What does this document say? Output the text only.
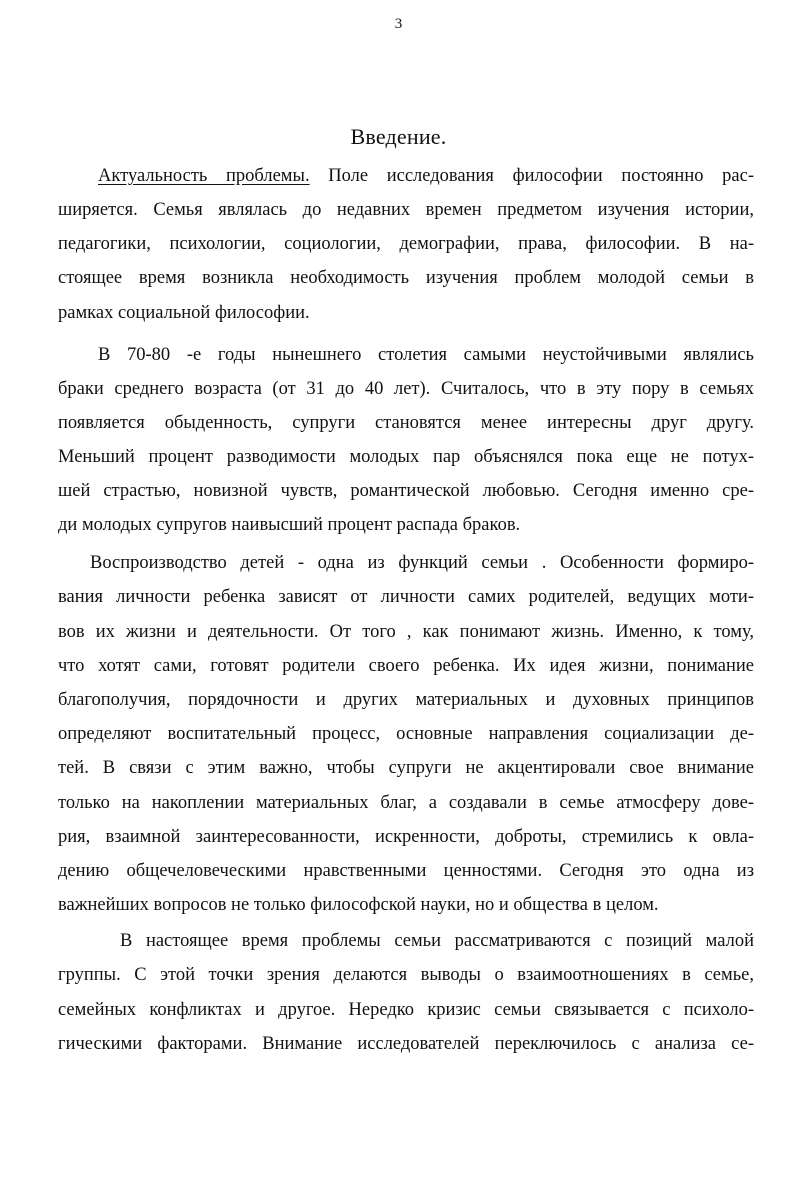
3
Введение.
Актуальность проблемы. Поле исследования философии постоянно рас-
ширяется. Семья являлась до недавних времен предметом изучения истории,
педагогики, психологии, социологии, демографии, права, философии. В на-
стоящее время возникла необходимость изучения проблем молодой семьи в
рамках социальной философии.
В 70-80 -е годы нынешнего столетия самыми неустойчивыми являлись
браки среднего возраста (от 31 до 40 лет). Считалось, что в эту пору в семьях
появляется обыденность, супруги становятся менее интересны друг другу.
Меньший процент разводимости молодых пар объяснялся пока еще не потух-
шей страстью, новизной чувств, романтической любовью. Сегодня именно сре-
ди молодых супругов наивысший процент распада браков.
Воспроизводство детей - одна из функций семьи . Особенности формиро-
вания личности ребенка зависят от личности самих родителей, ведущих моти-
вов их жизни и деятельности. От того , как понимают жизнь. Именно, к тому,
что хотят сами, готовят родители своего ребенка. Их идея жизни, понимание
благополучия, порядочности и других материальных и духовных принципов
определяют воспитательный процесс, основные направления социализации де-
тей. В связи с этим важно, чтобы супруги не акцентировали свое внимание
только на накоплении материальных благ, а создавали в семье атмосферу дове-
рия, взаимной заинтересованности, искренности, доброты, стремились к овла-
дению общечеловеческими нравственными ценностями. Сегодня это одна из
важнейших вопросов не только философской науки, но и общества в целом.
В настоящее время проблемы семьи рассматриваются с позиций малой
группы. С этой точки зрения делаются выводы о взаимоотношениях в семье,
семейных конфликтах и другое. Нередко кризис семьи связывается с психоло-
гическими факторами. Внимание исследователей переключилось с анализа се-
